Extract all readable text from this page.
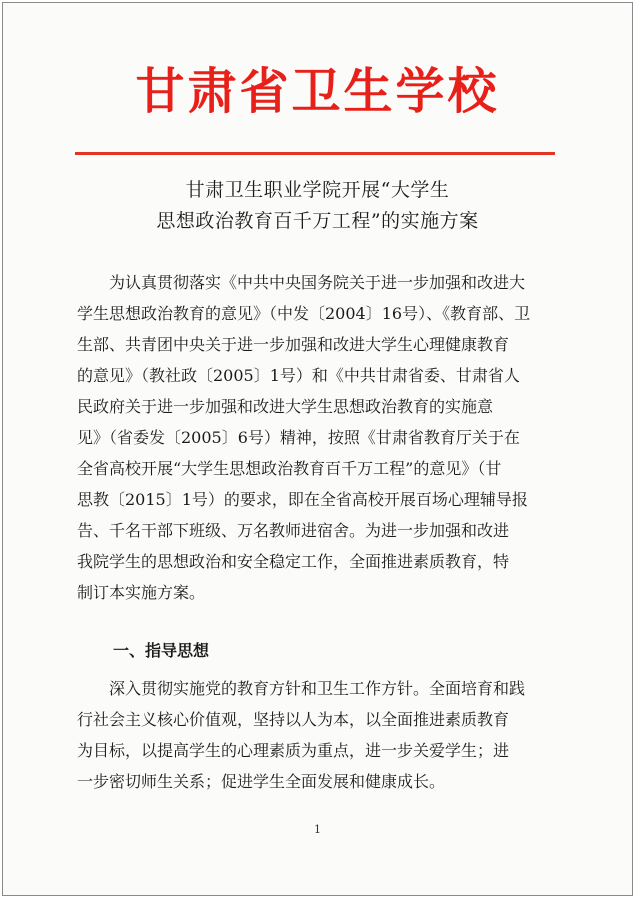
甘肃省卫生学校
甘肃卫生职业学院开展“大学生
思想政治教育百千万工程”的实施方案
为认真贯彻落实《中共中央国务院关于进一步加强和改进大
学生思想政治教育的意见》（中发〔2004〕16号）、《教育部、卫
生部、共青团中央关于进一步加强和改进大学生心理健康教育
的意见》（教社政〔2005〕1号）和《中共甘肃省委、甘肃省人
民政府关于进一步加强和改进大学生思想政治教育的实施意
见》（省委发〔2005〕6号）精神，按照《甘肃省教育厅关于在
全省高校开展“大学生思想政治教育百千万工程”的意见》（甘
思教〔2015〕1号）的要求，即在全省高校开展百场心理辅导报
告、千名干部下班级、万名教师进宿舍。为进一步加强和改进
我院学生的思想政治和安全稳定工作，全面推进素质教育，特
制订本实施方案。
一、指导思想
深入贯彻实施党的教育方针和卫生工作方针。全面培育和践
行社会主义核心价值观，坚持以人为本，以全面推进素质教育
为目标，以提高学生的心理素质为重点，进一步关爱学生；进
一步密切师生关系；促进学生全面发展和健康成长。
1
